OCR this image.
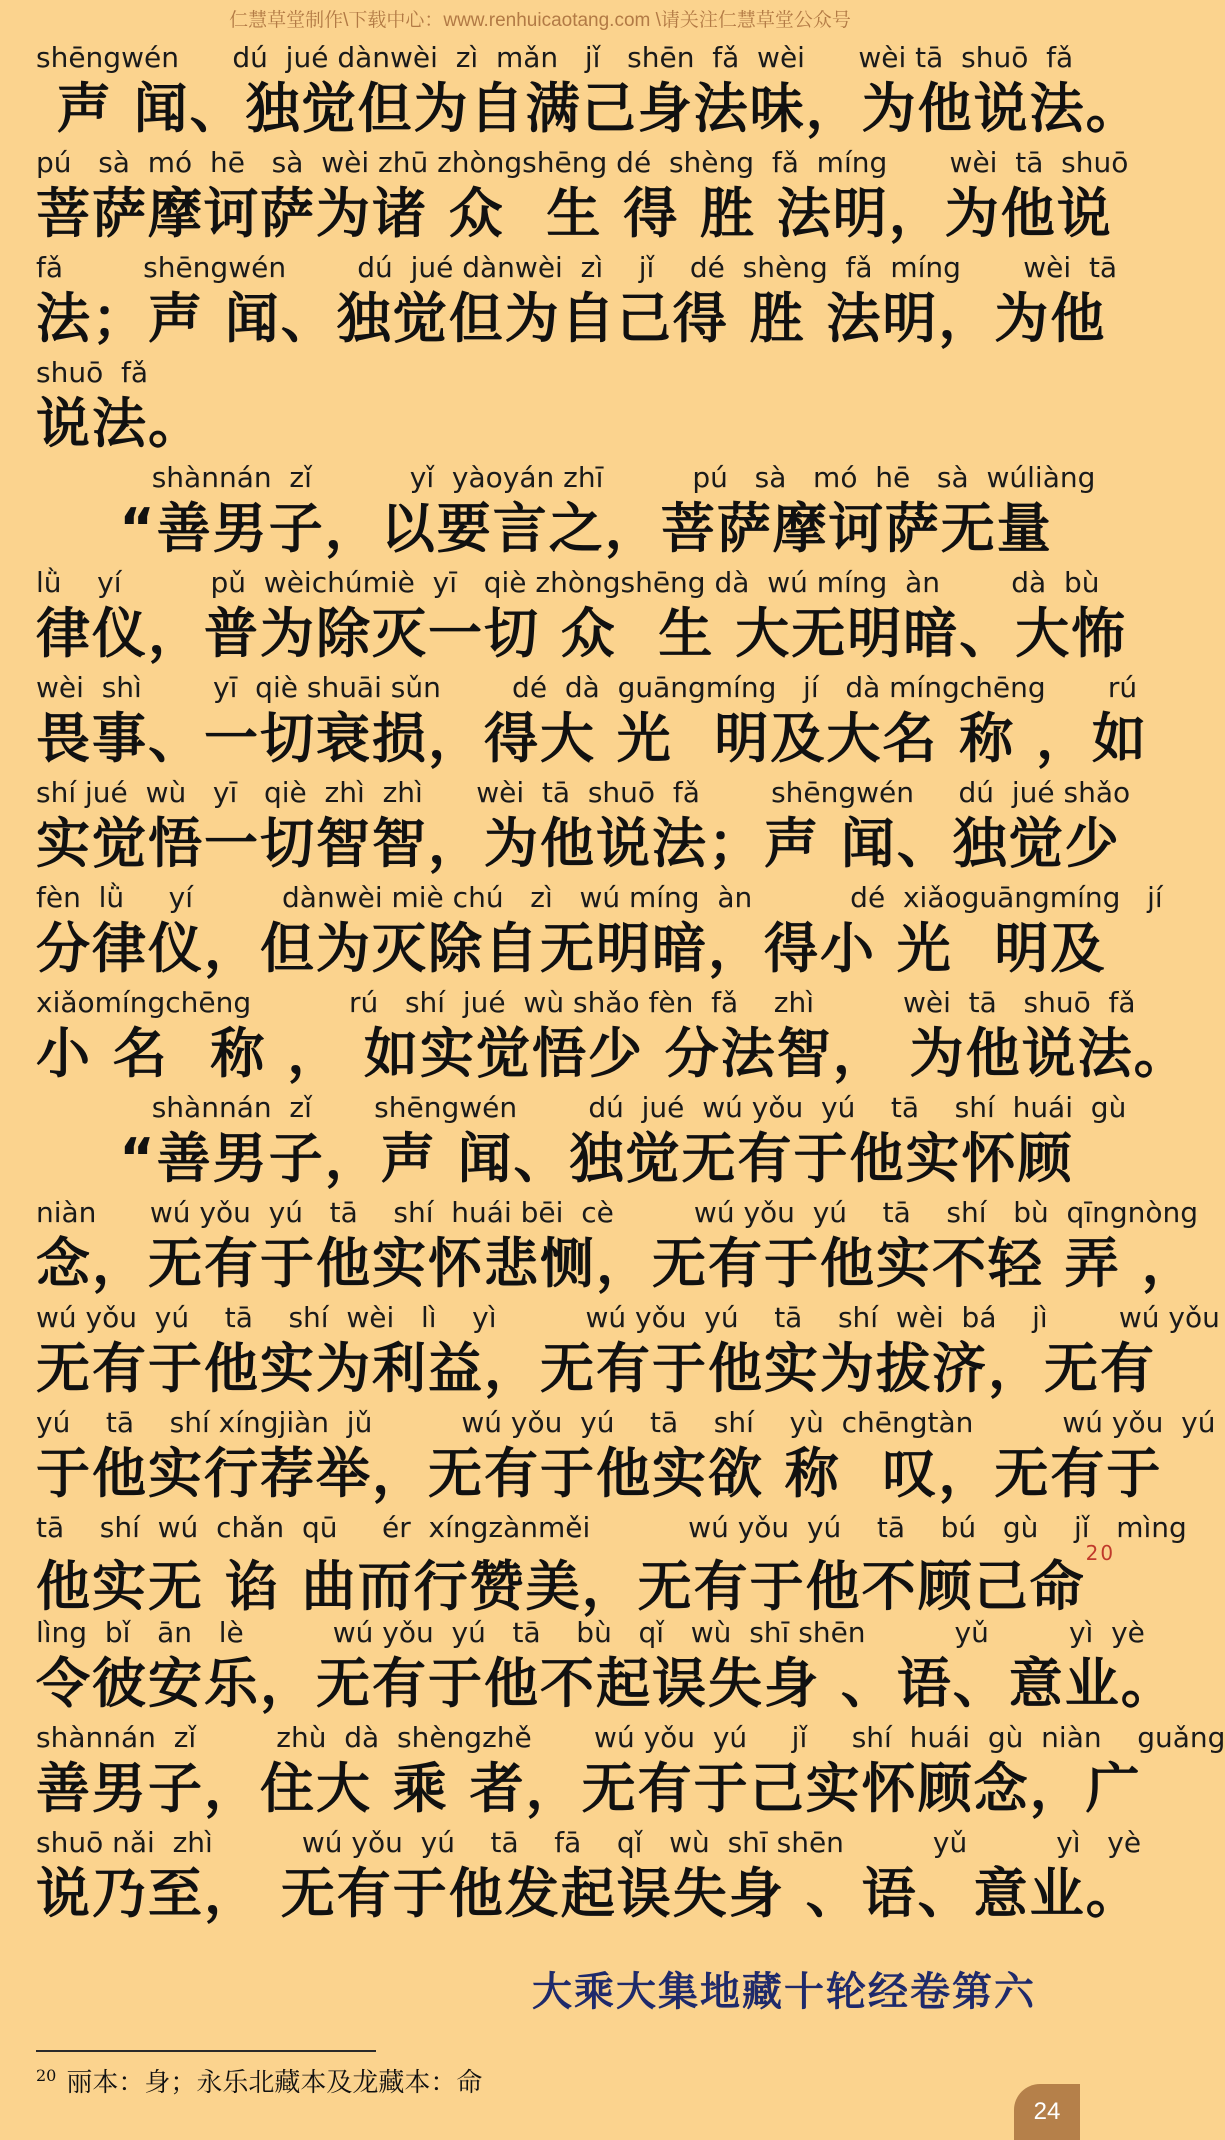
仁慧草堂制作\下载中心：www.renhuicaotang.com \请关注仁慧草堂公众号
shēngwén      dú  jué dànwèi  zì  mǎn   jǐ   shēn  fǎ  wèi      wèi tā  shuō  fǎ
声 闻、独觉但为自满己身法味，为他说法。
pú   sà  mó  hē   sà  wèi zhū zhòngshēng dé  shèng  fǎ  míng       wèi  tā  shuō
菩萨摩诃萨为诸 众  生 得 胜 法明，为他说
fǎ         shēngwén        dú  jué dànwèi  zì    jǐ    dé  shèng  fǎ  míng       wèi  tā
法；声 闻、独觉但为自己得 胜 法明，为他
shuō  fǎ
说法。
shànnán  zǐ           yǐ  yàoyán zhī          pú   sà   mó  hē   sà  wúliàng
“善男子，以要言之，菩萨摩诃萨无量
lǜ    yí          pǔ  wèichúmiè  yī   qiè zhòngshēng dà  wú míng  àn        dà  bù
律仪，普为除灭一切 众  生 大无明暗、大怖
wèi  shì        yī  qiè shuāi sǔn        dé  dà  guāngmíng   jí   dà míngchēng       rú
畏事、一切衰损，得大 光  明及大名 称 ，如
shí jué  wù   yī   qiè  zhì  zhì      wèi  tā  shuō  fǎ        shēngwén     dú  jué shǎo
实觉悟一切智智，为他说法；声 闻、独觉少
fèn  lǜ     yí          dànwèi miè chú   zì   wú míng  àn           dé  xiǎoguāngmíng   jí
分律仪，但为灭除自无明暗，得小 光  明及
xiǎomíngchēng           rú   shí  jué  wù shǎo fèn  fǎ    zhì          wèi  tā   shuō  fǎ
小 名  称 ， 如实觉悟少 分法智， 为他说法。
shànnán  zǐ       shēngwén        dú  jué  wú yǒu  yú    tā    shí  huái  gù
“善男子，声 闻、独觉无有于他实怀顾
niàn      wú yǒu  yú   tā    shí  huái bēi  cè         wú yǒu  yú    tā    shí   bù  qīngnòng
念，无有于他实怀悲恻，无有于他实不轻 弄 ，
wú yǒu  yú    tā    shí  wèi   lì    yì          wú yǒu  yú    tā    shí  wèi  bá    jì        wú yǒu
无有于他实为利益，无有于他实为拔济，无有
yú    tā    shí xíngjiàn  jǔ          wú yǒu  yú    tā    shí    yù  chēngtàn          wú yǒu  yú
于他实行荐举，无有于他实欲 称  叹，无有于
tā    shí  wú  chǎn  qū     ér  xíngzànměi           wú yǒu  yú    tā    bú   gù    jǐ   mìng
他实无 谄 曲而行赞美，无有于他不顾己命$^{20}$
lìng  bǐ   ān   lè          wú yǒu  yú   tā    bù   qǐ   wù  shī shēn          yǔ         yì  yè
令彼安乐，无有于他不起误失身 、语、意业。
shànnán  zǐ         zhù  dà  shèngzhě       wú yǒu  yú     jǐ     shí  huái  gù  niàn    guǎng
善男子，住大 乘 者，无有于己实怀顾念，广
shuō nǎi  zhì          wú yǒu  yú    tā    fā    qǐ   wù  shī shēn          yǔ          yì   yè
说乃至， 无有于他发起误失身 、语、意业。
大乘大集地藏十轮经卷第六
$^{20}$ 丽本：身；永乐北藏本及龙藏本：命
24
